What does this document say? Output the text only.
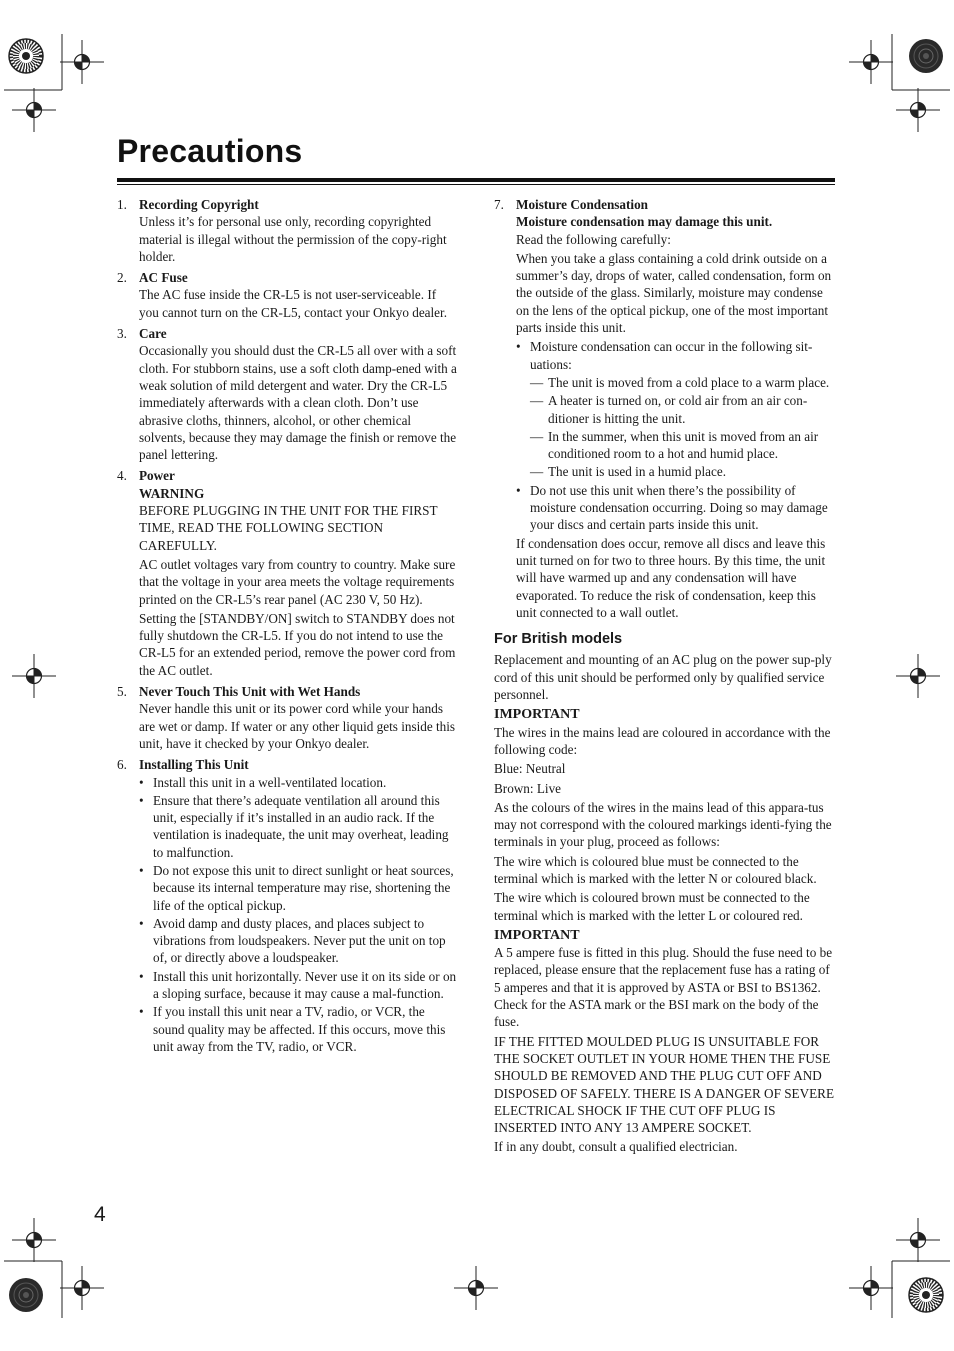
Precautions
1. Recording Copyright

Unless it’s for personal use only, recording copyrighted material is illegal without the permission of the copy-right holder.

2. AC Fuse

The AC fuse inside the CR-L5 is not user-serviceable. If you cannot turn on the CR-L5, contact your Onkyo dealer.

3. Care

Occasionally you should dust the CR-L5 all over with a soft cloth. For stubborn stains, use a soft cloth damp-ened with a weak solution of mild detergent and water. Dry the CR-L5 immediately afterwards with a clean cloth. Don’t use abrasive cloths, thinners, alcohol, or other chemical solvents, because they may damage the finish or remove the panel lettering.

4. Power
WARNING

BEFORE PLUGGING IN THE UNIT FOR THE FIRST TIME, READ THE FOLLOWING SECTION CAREFULLY.

AC outlet voltages vary from country to country. Make sure that the voltage in your area meets the voltage requirements printed on the CR-L5’s rear panel (AC 230 V, 50 Hz).

Setting the [STANDBY/ON] switch to STANDBY does not fully shutdown the CR-L5. If you do not intend to use the CR-L5 for an extended period, remove the power cord from the AC outlet.

5. Never Touch This Unit with Wet Hands

Never handle this unit or its power cord while your hands are wet or damp. If water or any other liquid gets inside this unit, have it checked by your Onkyo dealer.

6. Installing This Unit
• Install this unit in a well-ventilated location.
• Ensure that there’s adequate ventilation all around this unit, especially if it’s installed in an audio rack. If the ventilation is inadequate, the unit may overheat, leading to malfunction.
• Do not expose this unit to direct sunlight or heat sources, because its internal temperature may rise, shortening the life of the optical pickup.
• Avoid damp and dusty places, and places subject to vibrations from loudspeakers. Never put the unit on top of, or directly above a loudspeaker.
• Install this unit horizontally. Never use it on its side or on a sloping surface, because it may cause a mal-function.
• If you install this unit near a TV, radio, or VCR, the sound quality may be affected. If this occurs, move this unit away from the TV, radio, or VCR.
7. Moisture Condensation
Moisture condensation may damage this unit.

Read the following carefully:

When you take a glass containing a cold drink outside on a summer’s day, drops of water, called condensation, form on the outside of the glass. Similarly, moisture may condense on the lens of the optical pickup, one of the most important parts inside this unit.

• Moisture condensation can occur in the following sit-uations:
— The unit is moved from a cold place to a warm place.
— A heater is turned on, or cold air from an air con-ditioner is hitting the unit.
— In the summer, when this unit is moved from an air conditioned room to a hot and humid place.
— The unit is used in a humid place.
• Do not use this unit when there’s the possibility of moisture condensation occurring. Doing so may damage your discs and certain parts inside this unit.

If condensation does occur, remove all discs and leave this unit turned on for two to three hours. By this time, the unit will have warmed up and any condensation will have evaporated. To reduce the risk of condensation, keep this unit connected to a wall outlet.

For British models

Replacement and mounting of an AC plug on the power sup-ply cord of this unit should be performed only by qualified service personnel.

IMPORTANT

The wires in the mains lead are coloured in accordance with the following code:

Blue: Neutral

Brown: Live

As the colours of the wires in the mains lead of this appara-tus may not correspond with the coloured markings identi-fying the terminals in your plug, proceed as follows:

The wire which is coloured blue must be connected to the terminal which is marked with the letter N or coloured black.

The wire which is coloured brown must be connected to the terminal which is marked with the letter L or coloured red.

IMPORTANT

A 5 ampere fuse is fitted in this plug. Should the fuse need to be replaced, please ensure that the replacement fuse has a rating of 5 amperes and that it is approved by ASTA or BSI to BS1362. Check for the ASTA mark or the BSI mark on the body of the fuse.

IF THE FITTED MOULDED PLUG IS UNSUITABLE FOR THE SOCKET OUTLET IN YOUR HOME THEN THE FUSE SHOULD BE REMOVED AND THE PLUG CUT OFF AND DISPOSED OF SAFELY. THERE IS A DANGER OF SEVERE ELECTRICAL SHOCK IF THE CUT OFF PLUG IS INSERTED INTO ANY 13 AMPERE SOCKET.

If in any doubt, consult a qualified electrician.

4
